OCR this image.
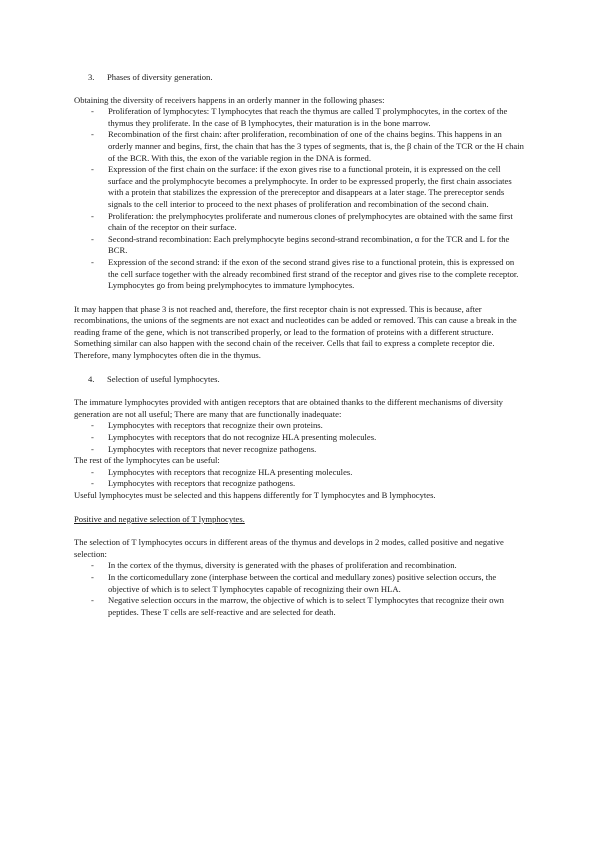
3. Phases of diversity generation.

Obtaining the diversity of receivers happens in an orderly manner in the following phases:

- Proliferation of lymphocytes: T lymphocytes that reach the thymus are called T prolymphocytes, in the cortex of the thymus they proliferate. In the case of B lymphocytes, their maturation is in the bone marrow.
- Recombination of the first chain: after proliferation, recombination of one of the chains begins. This happens in an orderly manner and begins, first, the chain that has the 3 types of segments, that is, the β chain of the TCR or the H chain of the BCR. With this, the exon of the variable region in the DNA is formed.
- Expression of the first chain on the surface: if the exon gives rise to a functional protein, it is expressed on the cell surface and the prolymphocyte becomes a prelymphocyte. In order to be expressed properly, the first chain associates with a protein that stabilizes the expression of the prereceptor and disappears at a later stage. The prereceptor sends signals to the cell interior to proceed to the next phases of proliferation and recombination of the second chain.
- Proliferation: the prelymphocytes proliferate and numerous clones of prelymphocytes are obtained with the same first chain of the receptor on their surface.
- Second-strand recombination: Each prelymphocyte begins second-strand recombination, α for the TCR and L for the BCR.
- Expression of the second strand: if the exon of the second strand gives rise to a functional protein, this is expressed on the cell surface together with the already recombined first strand of the receptor and gives rise to the complete receptor. Lymphocytes go from being prelymphocytes to immature lymphocytes.

It may happen that phase 3 is not reached and, therefore, the first receptor chain is not expressed. This is because, after recombinations, the unions of the segments are not exact and nucleotides can be added or removed. This can cause a break in the reading frame of the gene, which is not transcribed properly, or lead to the formation of proteins with a different structure. Something similar can also happen with the second chain of the receiver. Cells that fail to express a complete receptor die. Therefore, many lymphocytes often die in the thymus.

4. Selection of useful lymphocytes.

The immature lymphocytes provided with antigen receptors that are obtained thanks to the different mechanisms of diversity generation are not all useful; There are many that are functionally inadequate:

- Lymphocytes with receptors that recognize their own proteins.
- Lymphocytes with receptors that do not recognize HLA presenting molecules.
- Lymphocytes with receptors that never recognize pathogens.

The rest of the lymphocytes can be useful:

- Lymphocytes with receptors that recognize HLA presenting molecules.
- Lymphocytes with receptors that recognize pathogens.

Useful lymphocytes must be selected and this happens differently for T lymphocytes and B lymphocytes.

Positive and negative selection of T lymphocytes.

The selection of T lymphocytes occurs in different areas of the thymus and develops in 2 modes, called positive and negative selection:

- In the cortex of the thymus, diversity is generated with the phases of proliferation and recombination.
- In the corticomedullary zone (interphase between the cortical and medullary zones) positive selection occurs, the objective of which is to select T lymphocytes capable of recognizing their own HLA.
- Negative selection occurs in the marrow, the objective of which is to select T lymphocytes that recognize their own peptides. These T cells are self-reactive and are selected for death.
